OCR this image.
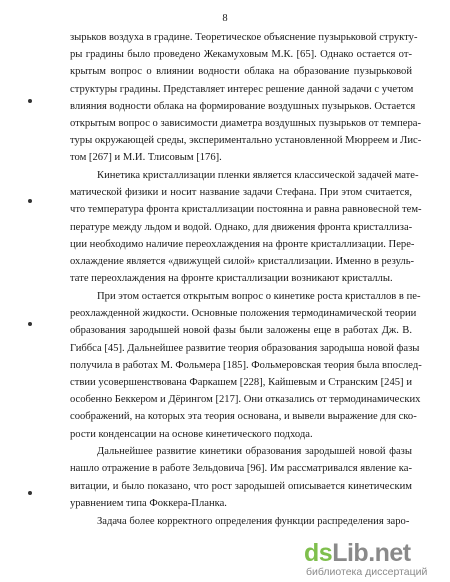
8
зырьков воздуха в градине. Теоретическое объяснение пузырьковой структу-
ры градины было проведено Жекамуховым М.К. [65]. Однако остается от-
крытым вопрос о влиянии водности облака на образование пузырьковой
структуры градины. Представляет интерес решение данной задачи с учетом
влияния водности облака на формирование воздушных пузырьков. Остается
открытым вопрос о зависимости диаметра воздушных пузырьков от темпера-
туры окружающей среды, экспериментально установленной Мюрреем и Лис-
том [267] и М.И. Тлисовым [176].
Кинетика кристаллизации пленки является классической задачей мате-
матической физики и носит название задачи Стефана. При этом считается,
что температура фронта кристаллизации постоянна и равна равновесной тем-
пературе между льдом и водой. Однако, для движения фронта кристаллиза-
ции необходимо наличие переохлаждения на фронте кристаллизации. Пере-
охлаждение является «движущей силой» кристаллизации. Именно в резуль-
тате переохлаждения на фронте кристаллизации возникают кристаллы.
При этом остается открытым вопрос о кинетике роста кристаллов в пе-
реохлажденной жидкости. Основные положения термодинамической теории
образования зародышей новой фазы были заложены еще в работах Дж. В.
Гиббса [45]. Дальнейшее развитие теория образования зародыша новой фазы
получила в работах М. Фольмера [185]. Фольмеровская теория была впослед-
ствии усовершенствована Фаркашем [228], Кайшевым и Странским [245] и
особенно Беккером и Дёрингом [217]. Они отказались от термодинамических
соображений, на которых эта теория основана, и вывели выражение для ско-
рости конденсации на основе кинетического подхода.
Дальнейшее развитие кинетики образования зародышей новой фазы
нашло отражение в работе Зельдовича [96]. Им рассматривался явление ка-
витации, и было показано, что рост зародышей описывается кинетическим
уравнением типа Фоккера-Планка.
Задача более корректного определения функции распределения заро-
dsLib.net
библиотека диссертаций
